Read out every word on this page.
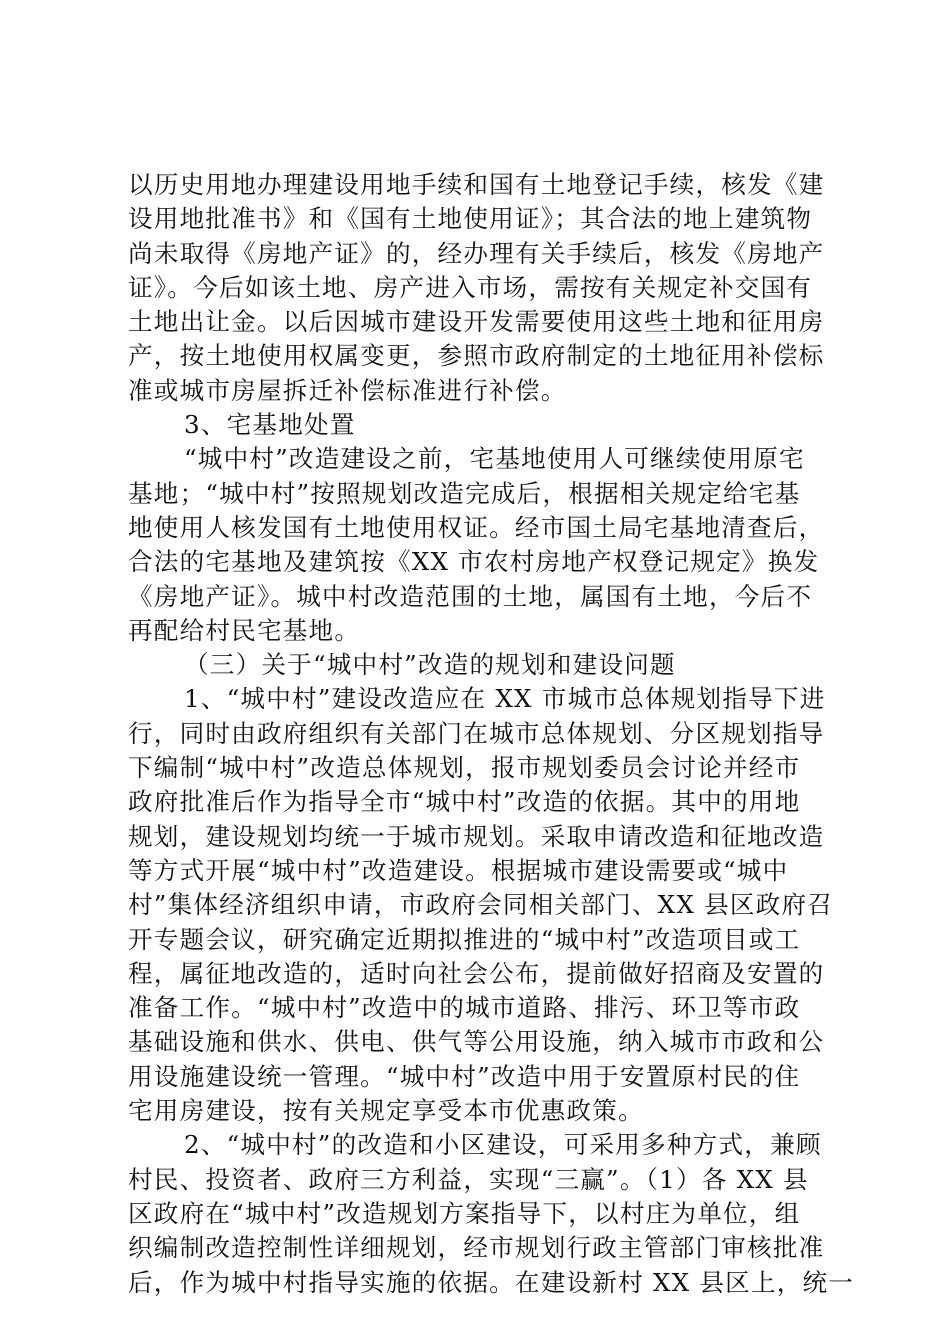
以历史用地办理建设用地手续和国有土地登记手续，核发《建
设用地批准书》和《国有土地使用证》；其合法的地上建筑物
尚未取得《房地产证》的，经办理有关手续后，核发《房地产
证》。今后如该土地、房产进入市场，需按有关规定补交国有
土地出让金。以后因城市建设开发需要使用这些土地和征用房
产，按土地使用权属变更，参照市政府制定的土地征用补偿标
准或城市房屋拆迁补偿标准进行补偿。
3、宅基地处置
“城中村”改造建设之前，宅基地使用人可继续使用原宅
基地；“城中村”按照规划改造完成后，根据相关规定给宅基
地使用人核发国有土地使用权证。经市国土局宅基地清查后，
合法的宅基地及建筑按《XX 市农村房地产权登记规定》换发
《房地产证》。城中村改造范围的土地，属国有土地，今后不
再配给村民宅基地。
（三）关于“城中村”改造的规划和建设问题
1、“城中村”建设改造应在 XX 市城市总体规划指导下进
行，同时由政府组织有关部门在城市总体规划、分区规划指导
下编制“城中村”改造总体规划，报市规划委员会讨论并经市
政府批准后作为指导全市“城中村”改造的依据。其中的用地
规划，建设规划均统一于城市规划。采取申请改造和征地改造
等方式开展“城中村”改造建设。根据城市建设需要或“城中
村”集体经济组织申请，市政府会同相关部门、XX 县区政府召
开专题会议，研究确定近期拟推进的“城中村”改造项目或工
程，属征地改造的，适时向社会公布，提前做好招商及安置的
准备工作。“城中村”改造中的城市道路、排污、环卫等市政
基础设施和供水、供电、供气等公用设施，纳入城市市政和公
用设施建设统一管理。“城中村”改造中用于安置原村民的住
宅用房建设，按有关规定享受本市优惠政策。
2、“城中村”的改造和小区建设，可采用多种方式，兼顾
村民、投资者、政府三方利益，实现“三赢”。（1）各 XX 县
区政府在“城中村”改造规划方案指导下，以村庄为单位，组
织编制改造控制性详细规划，经市规划行政主管部门审核批准
后，作为城中村指导实施的依据。在建设新村 XX 县区上，统一
